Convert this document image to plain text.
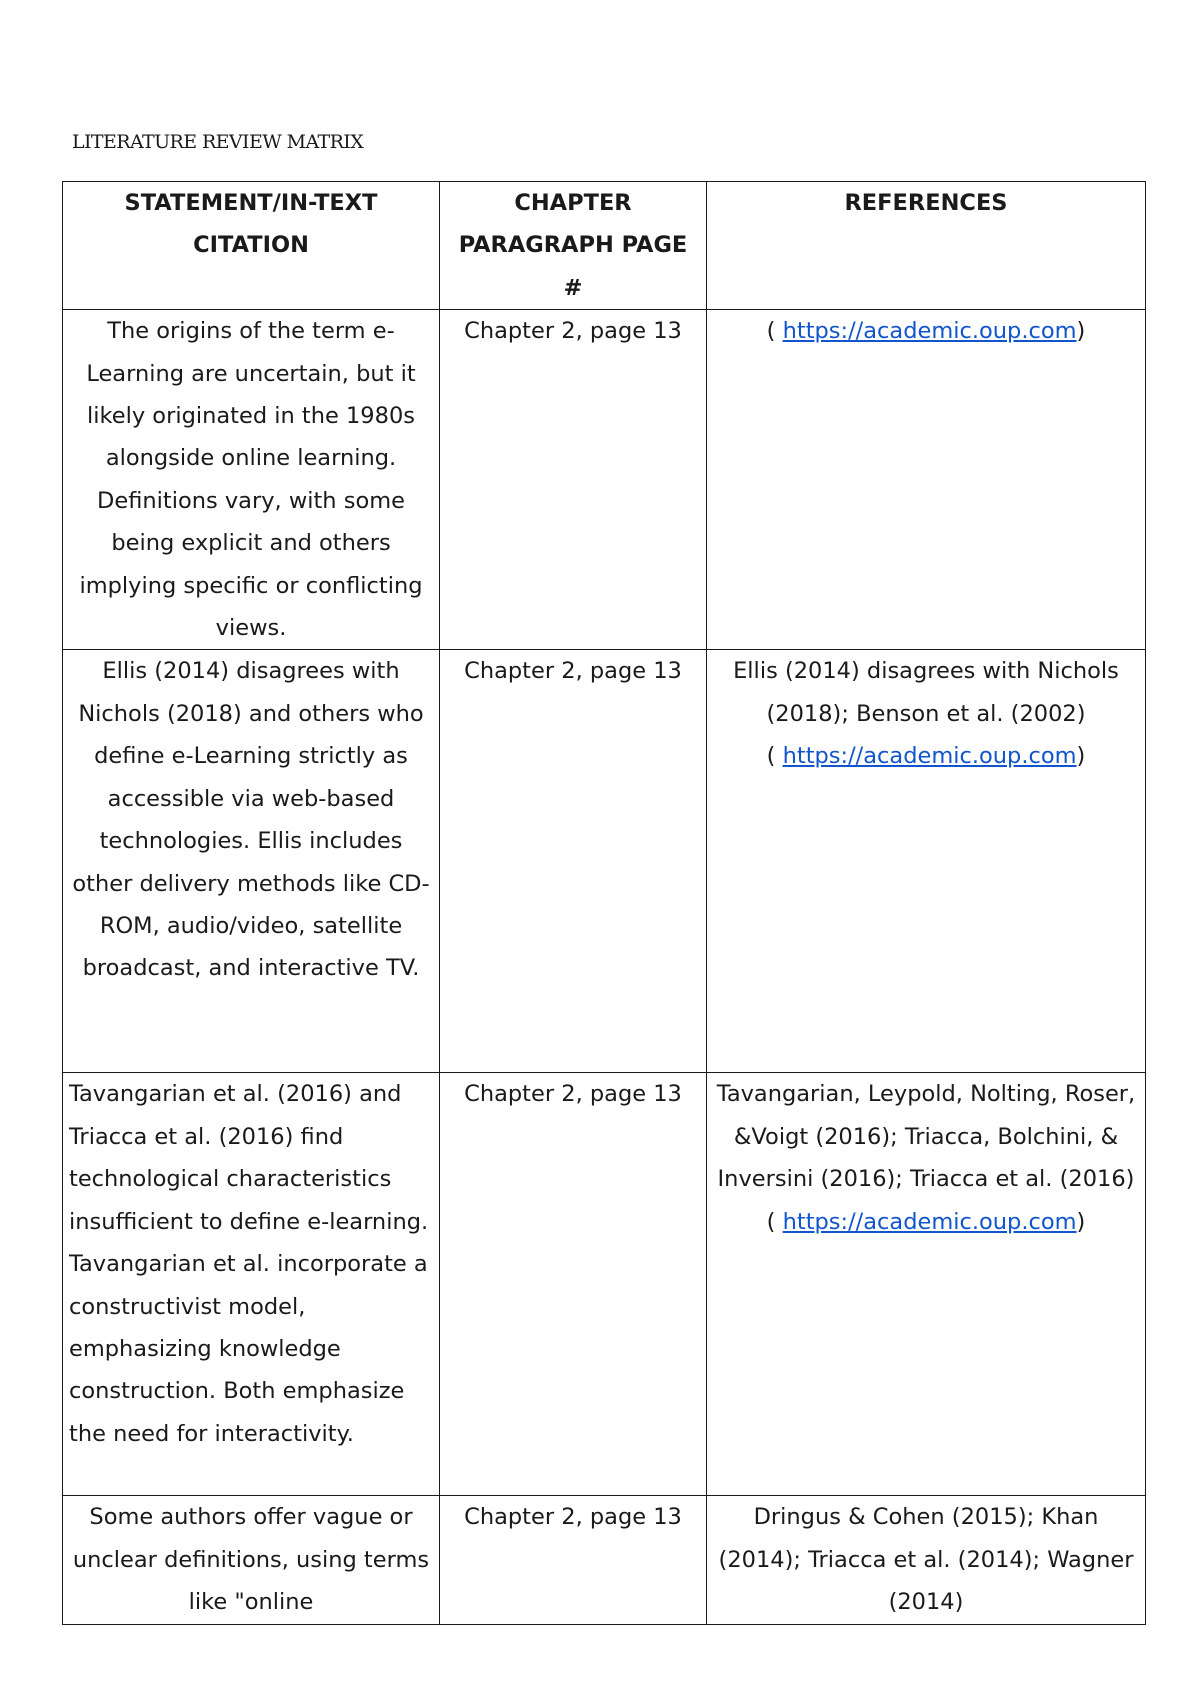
LITERATURE REVIEW MATRIX
STATEMENT/IN-TEXT CITATION	CHAPTER PARAGRAPH PAGE #	REFERENCES
The origins of the term e-Learning are uncertain, but it likely originated in the 1980s alongside online learning. Definitions vary, with some being explicit and others implying specific or conflicting views.	Chapter 2, page 13	( https://academic.oup.com)

Ellis (2014) disagrees with Nichols (2018) and others who define e-Learning strictly as accessible via web-based technologies. Ellis includes other delivery methods like CD-ROM, audio/video, satellite broadcast, and interactive TV.	Chapter 2, page 13	Ellis (2014) disagrees with Nichols (2018); Benson et al. (2002)
( https://academic.oup.com)

Tavangarian et al. (2016) and Triacca et al. (2016) find technological characteristics insufficient to define e-learning. Tavangarian et al. incorporate a constructivist model, emphasizing knowledge construction. Both emphasize the need for interactivity.	Chapter 2, page 13	Tavangarian, Leypold, Nolting, Roser, &Voigt (2016); Triacca, Bolchini, & Inversini (2016); Triacca et al. (2016)
( https://academic.oup.com)

Some authors offer vague or unclear definitions, using terms like "online	Chapter 2, page 13	Dringus & Cohen (2015); Khan (2014); Triacca et al. (2014); Wagner (2014)
